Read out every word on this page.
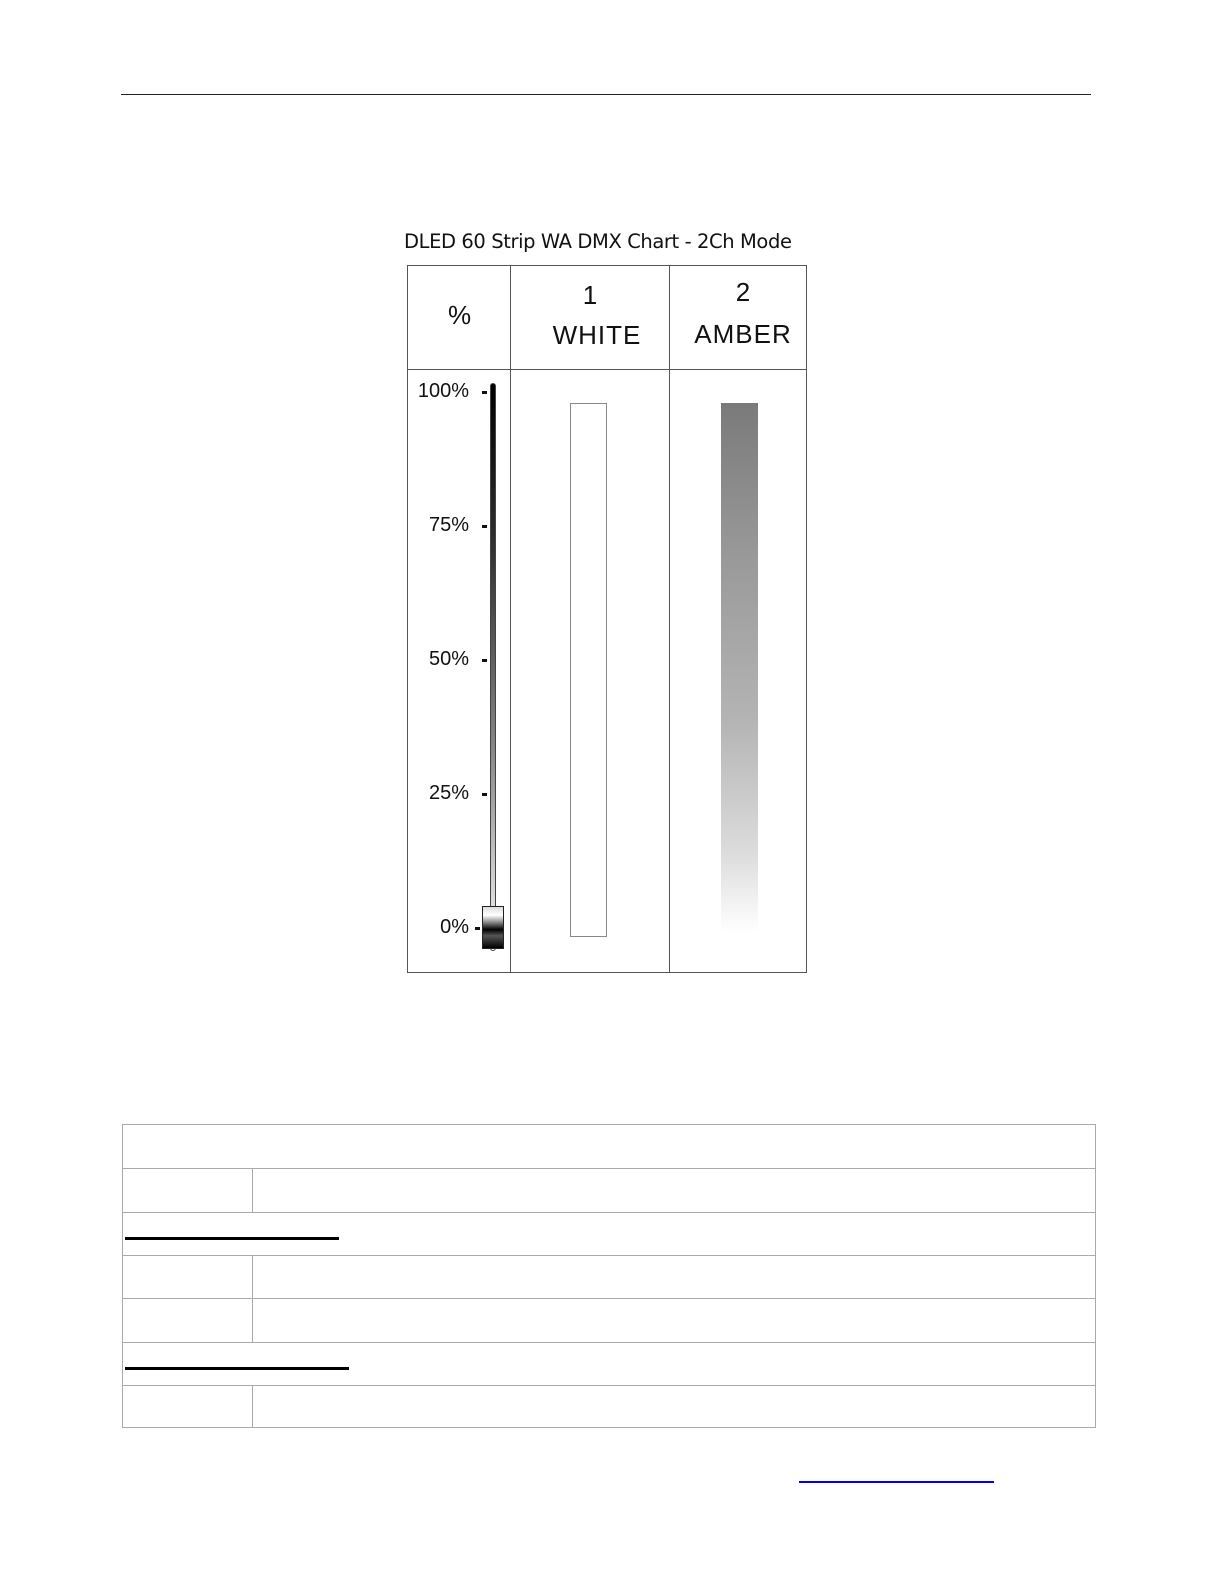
DLED 60 Strip WA DMX Chart - 2Ch Mode
%
1
WHITE
2
AMBER
100%
75%
50%
25%
0%
